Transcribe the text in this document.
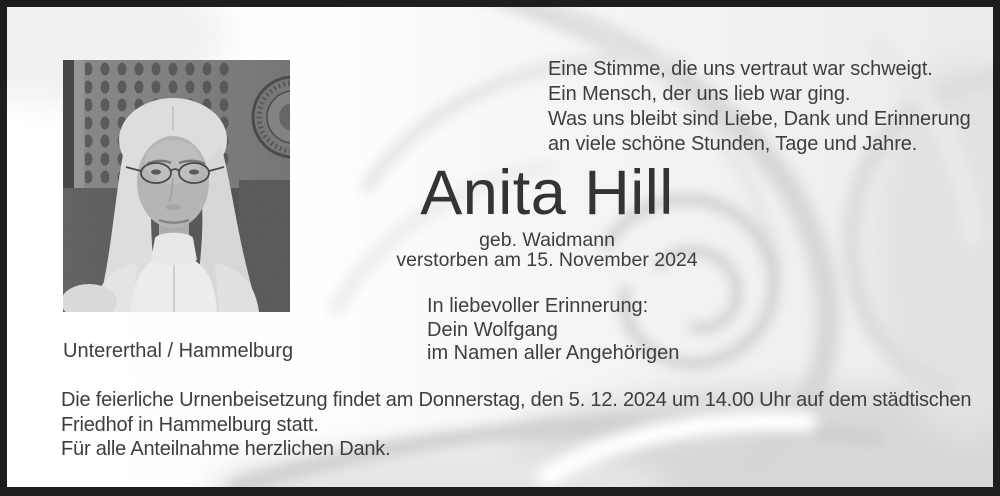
Eine Stimme, die uns vertraut war schweigt.
Ein Mensch, der uns lieb war ging.
Was uns bleibt sind Liebe, Dank und Erinnerung
an viele schöne Stunden, Tage und Jahre.
Anita Hill
geb. Waidmann
verstorben am 15. November 2024
In liebevoller Erinnerung:
Dein Wolfgang
im Namen aller Angehörigen
Untererthal / Hammelburg
Die feierliche Urnenbeisetzung findet am Donnerstag, den 5. 12. 2024 um 14.00 Uhr auf dem städtischen
Friedhof in Hammelburg statt.
Für alle Anteilnahme herzlichen Dank.
